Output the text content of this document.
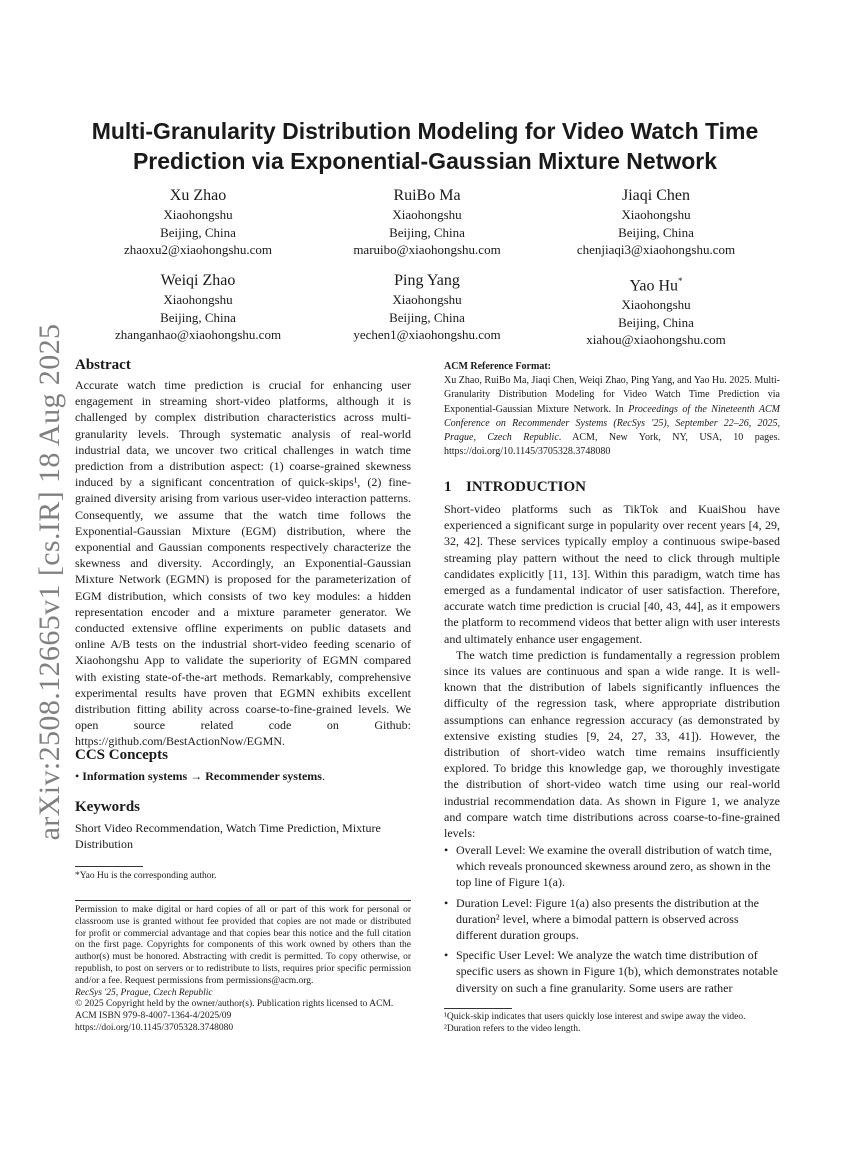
arXiv:2508.12665v1 [cs.IR] 18 Aug 2025
Multi-Granularity Distribution Modeling for Video Watch Time Prediction via Exponential-Gaussian Mixture Network
Xu Zhao
Xiaohongshu
Beijing, China
zhaoxu2@xiaohongshu.com
RuiBo Ma
Xiaohongshu
Beijing, China
maruibo@xiaohongshu.com
Jiaqi Chen
Xiaohongshu
Beijing, China
chenjiaqi3@xiaohongshu.com
Weiqi Zhao
Xiaohongshu
Beijing, China
zhanganhao@xiaohongshu.com
Ping Yang
Xiaohongshu
Beijing, China
yechen1@xiaohongshu.com
Yao Hu*
Xiaohongshu
Beijing, China
xiahou@xiaohongshu.com
Abstract

Accurate watch time prediction is crucial for enhancing user engagement in streaming short-video platforms, although it is challenged by complex distribution characteristics across multi-granularity levels. Through systematic analysis of real-world industrial data, we uncover two critical challenges in watch time prediction from a distribution aspect: (1) coarse-grained skewness induced by a significant concentration of quick-skips¹, (2) fine-grained diversity arising from various user-video interaction patterns. Consequently, we assume that the watch time follows the Exponential-Gaussian Mixture (EGM) distribution, where the exponential and Gaussian components respectively characterize the skewness and diversity. Accordingly, an Exponential-Gaussian Mixture Network (EGMN) is proposed for the parameterization of EGM distribution, which consists of two key modules: a hidden representation encoder and a mixture parameter generator. We conducted extensive offline experiments on public datasets and online A/B tests on the industrial short-video feeding scenario of Xiaohongshu App to validate the superiority of EGMN compared with existing state-of-the-art methods. Remarkably, comprehensive experimental results have proven that EGMN exhibits excellent distribution fitting ability across coarse-to-fine-grained levels. We open source related code on Github: https://github.com/BestActionNow/EGMN.

CCS Concepts

• Information systems → Recommender systems.

Keywords

Short Video Recommendation, Watch Time Prediction, Mixture Distribution

*Yao Hu is the corresponding author.

Permission to make digital or hard copies of all or part of this work for personal or classroom use is granted without fee provided that copies are not made or distributed for profit or commercial advantage and that copies bear this notice and the full citation on the first page. Copyrights for components of this work owned by others than the author(s) must be honored. Abstracting with credit is permitted. To copy otherwise, or republish, to post on servers or to redistribute to lists, requires prior specific permission and/or a fee. Request permissions from permissions@acm.org.

RecSys '25, Prague, Czech Republic

© 2025 Copyright held by the owner/author(s). Publication rights licensed to ACM.

ACM ISBN 979-8-4007-1364-4/2025/09

https://doi.org/10.1145/3705328.3748080

ACM Reference Format:

Xu Zhao, RuiBo Ma, Jiaqi Chen, Weiqi Zhao, Ping Yang, and Yao Hu. 2025. Multi-Granularity Distribution Modeling for Video Watch Time Prediction via Exponential-Gaussian Mixture Network. In Proceedings of the Nineteenth ACM Conference on Recommender Systems (RecSys '25), September 22–26, 2025, Prague, Czech Republic. ACM, New York, NY, USA, 10 pages. https://doi.org/10.1145/3705328.3748080

1 INTRODUCTION

Short-video platforms such as TikTok and KuaiShou have experienced a significant surge in popularity over recent years [4, 29, 32, 42]. These services typically employ a continuous swipe-based streaming play pattern without the need to click through multiple candidates explicitly [11, 13]. Within this paradigm, watch time has emerged as a fundamental indicator of user satisfaction. Therefore, accurate watch time prediction is crucial [40, 43, 44], as it empowers the platform to recommend videos that better align with user interests and ultimately enhance user engagement.

The watch time prediction is fundamentally a regression problem since its values are continuous and span a wide range. It is well-known that the distribution of labels significantly influences the difficulty of the regression task, where appropriate distribution assumptions can enhance regression accuracy (as demonstrated by extensive existing studies [9, 24, 27, 33, 41]). However, the distribution of short-video watch time remains insufficiently explored. To bridge this knowledge gap, we thoroughly investigate the distribution of short-video watch time using our real-world industrial recommendation data. As shown in Figure 1, we analyze and compare watch time distributions across coarse-to-fine-grained levels:

• Overall Level: We examine the overall distribution of watch time, which reveals pronounced skewness around zero, as shown in the top line of Figure 1(a).
• Duration Level: Figure 1(a) also presents the distribution at the duration² level, where a bimodal pattern is observed across different duration groups.
• Specific User Level: We analyze the watch time distribution of specific users as shown in Figure 1(b), which demonstrates notable diversity on such a fine granularity. Some users are rather

¹Quick-skip indicates that users quickly lose interest and swipe away the video.

²Duration refers to the video length.
